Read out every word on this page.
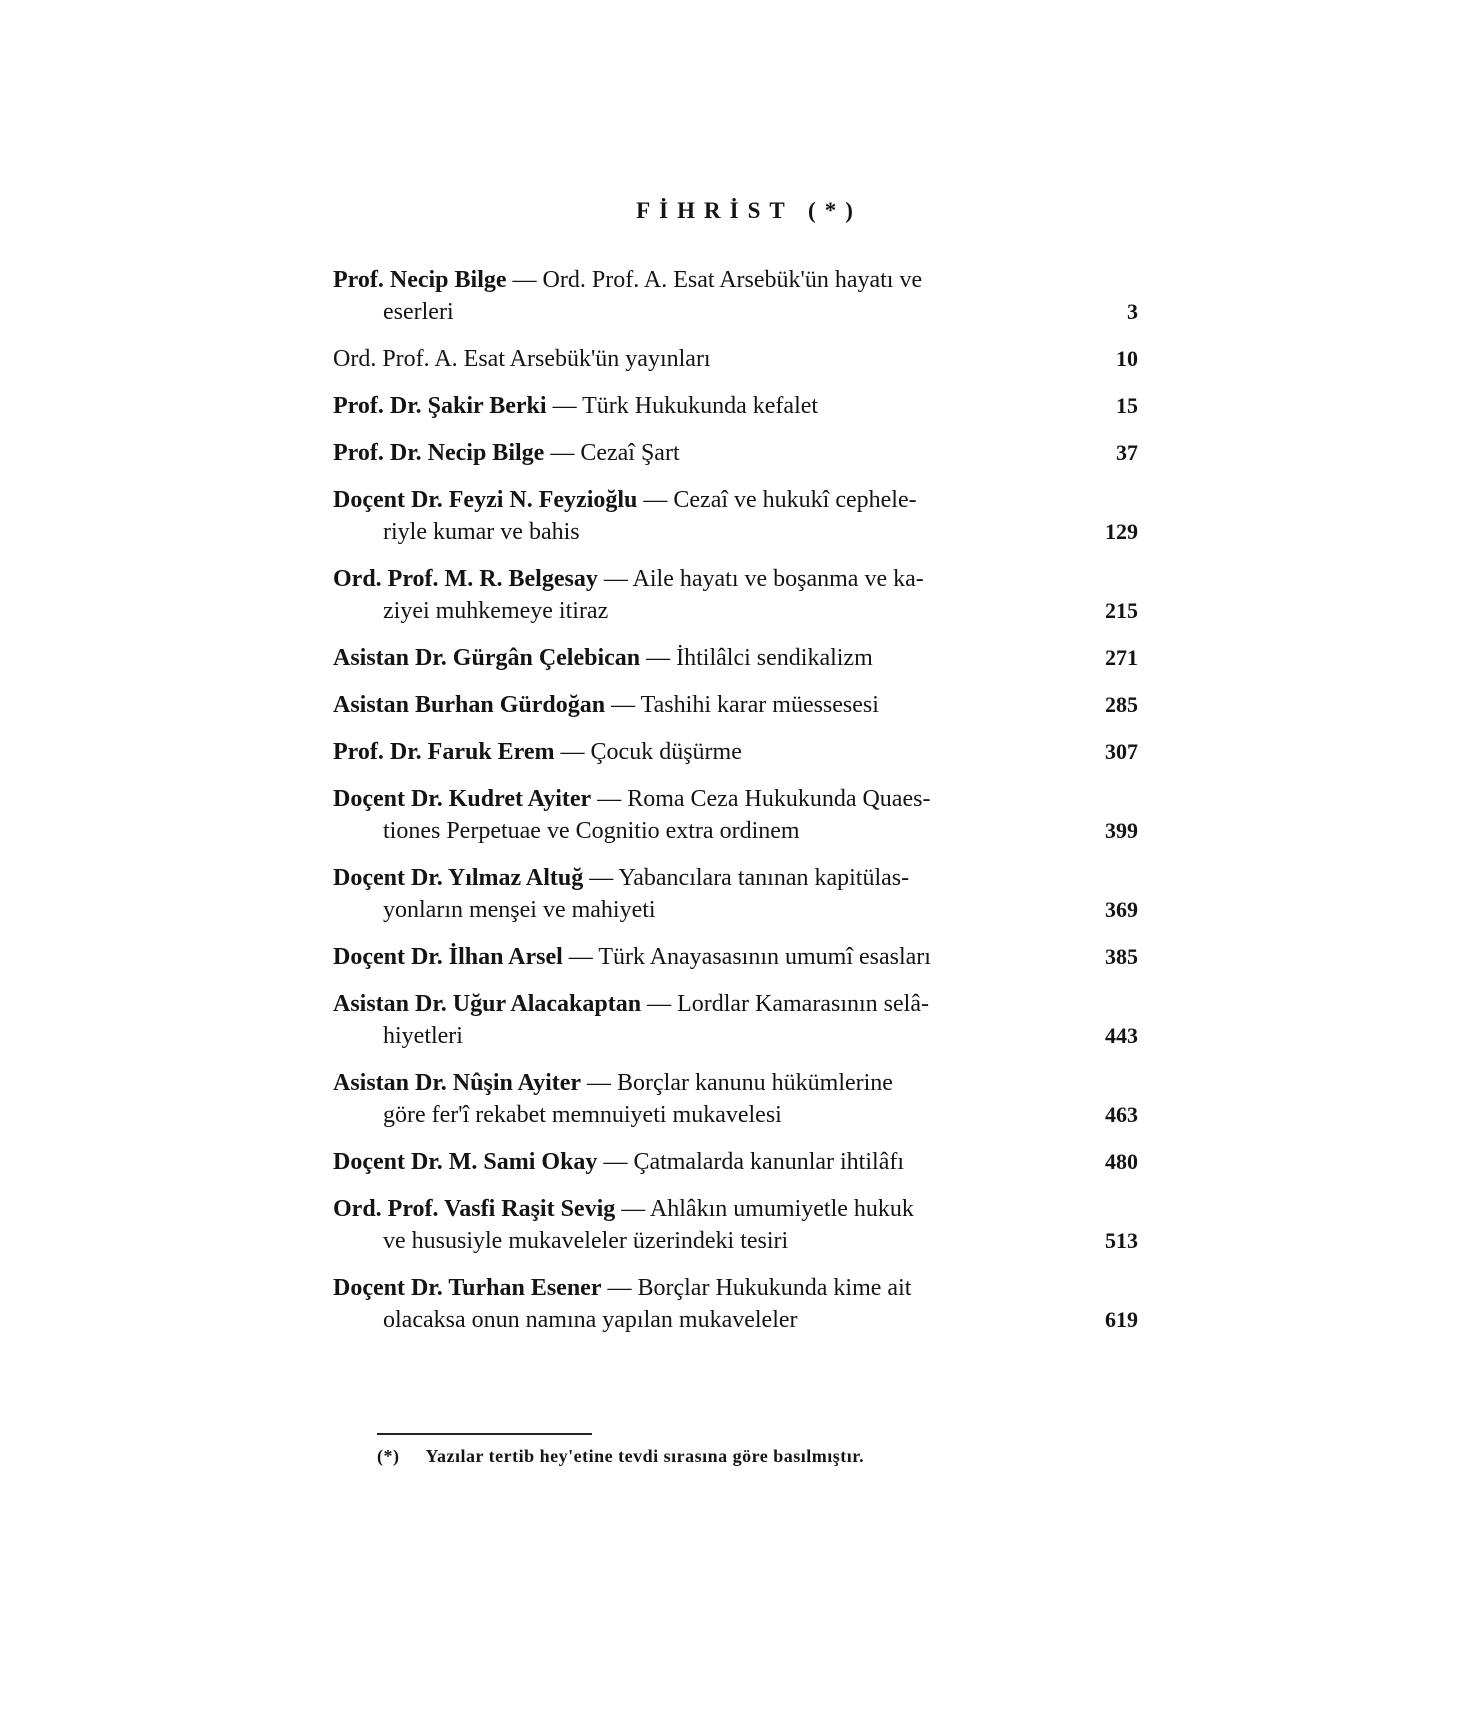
FİHRİST (*)
Prof. Necip Bilge — Ord. Prof. A. Esat Arsebük'ün hayatı ve
eserleri	3
Ord. Prof. A. Esat Arsebük'ün yayınları	10
Prof. Dr. Şakir Berki — Türk Hukukunda kefalet	15
Prof. Dr. Necip Bilge — Cezaî Şart	37
Doçent Dr. Feyzi N. Feyzioğlu — Cezaî ve hukukî cephele-
riyle kumar ve bahis	129
Ord. Prof. M. R. Belgesay — Aile hayatı ve boşanma ve ka-
ziyei muhkemeye itiraz	215
Asistan Dr. Gürgân Çelebican — İhtilâlci sendikalizm	271
Asistan Burhan Gürdoğan — Tashihi karar müessesesi	285
Prof. Dr. Faruk Erem — Çocuk düşürme	307
Doçent Dr. Kudret Ayiter — Roma Ceza Hukukunda Quaes-
tiones Perpetuae ve Cognitio extra ordinem	399
Doçent Dr. Yılmaz Altuğ — Yabancılara tanınan kapitülas-
yonların menşei ve mahiyeti	369
Doçent Dr. İlhan Arsel — Türk Anayasasının umumî esasları	385
Asistan Dr. Uğur Alacakaptan — Lordlar Kamarasının selâ-
hiyetleri	443
Asistan Dr. Nûşin Ayiter — Borçlar kanunu hükümlerine
göre fer'î rekabet memnuiyeti mukavelesi	463
Doçent Dr. M. Sami Okay — Çatmalarda kanunlar ihtilâfı	480
Ord. Prof. Vasfi Raşit Sevig — Ahlâkın umumiyetle hukuk
ve hususiyle mukaveleler üzerindeki tesiri	513
Doçent Dr. Turhan Esener — Borçlar Hukukunda kime ait
olacaksa onun namına yapılan mukaveleler	619
(*) Yazılar tertib hey'etine tevdi sırasına göre basılmıştır.
